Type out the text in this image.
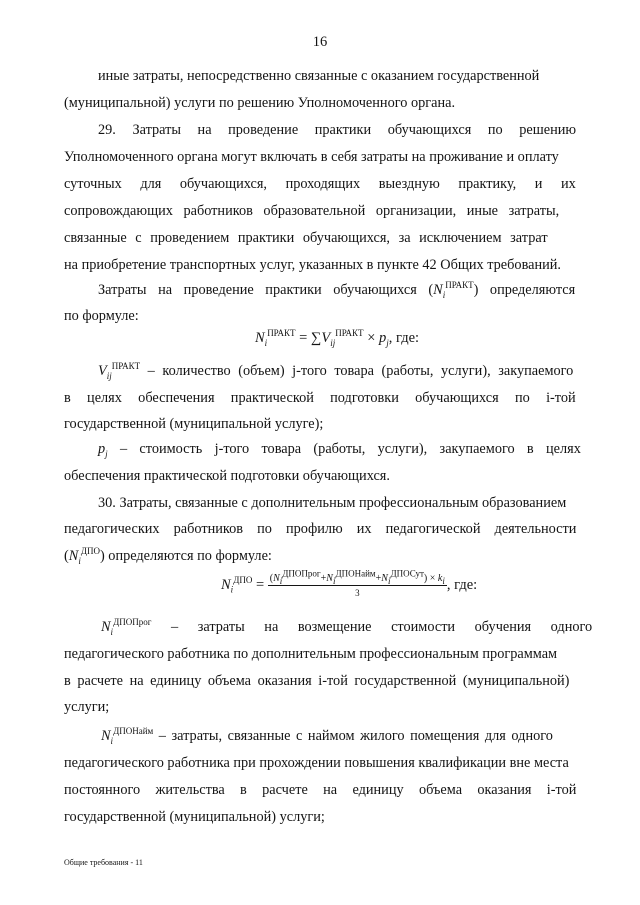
16
иные затраты, непосредственно связанные с оказанием государственной
(муниципальной) услуги по решению Уполномоченного органа.
29. Затраты на проведение практики обучающихся по решению
Уполномоченного органа могут включать в себя затраты на проживание и оплату
суточных для обучающихся, проходящих выездную практику, и их
сопровождающих работников образовательной организации, иные затраты,
связанные с проведением практики обучающихся, за исключением затрат
на приобретение транспортных услуг, указанных в пункте 42 Общих требований.
Затраты на проведение практики обучающихся $(N_i^{ПРАКТ})$ определяются
по формуле:
$N_i^{ПРАКТ} = \sum V_{ij}^{ПРАКТ} \times p_j$, где:
$V_{ij}^{ПРАКТ}$ – количество (объем) j-того товара (работы, услуги), закупаемого
в целях обеспечения практической подготовки обучающихся по i-той
государственной (муниципальной услуге);
$p_j$ – стоимость j-того товара (работы, услуги), закупаемого в целях
обеспечения практической подготовки обучающихся.
30. Затраты, связанные с дополнительным профессиональным образованием
педагогических работников по профилю их педагогической деятельности
$(N_i^{ДПО})$ определяются по формуле:
$N_i^{ДПО} = \frac{(N_i^{ДПОПрог}+N_i^{ДПОНайм}+N_i^{ДПОСут}) \times k_i}{3}$ , где:
$N_i^{ДПОПрог}$ – затраты на возмещение стоимости обучения одного
педагогического работника по дополнительным профессиональным программам
в расчете на единицу объема оказания i-той государственной (муниципальной)
услуги;
$N_i^{ДПОНайм}$ – затраты, связанные с наймом жилого помещения для одного
педагогического работника при прохождении повышения квалификации вне места
постоянного жительства в расчете на единицу объема оказания i-той
государственной (муниципальной) услуги;
Общие требования - 11
